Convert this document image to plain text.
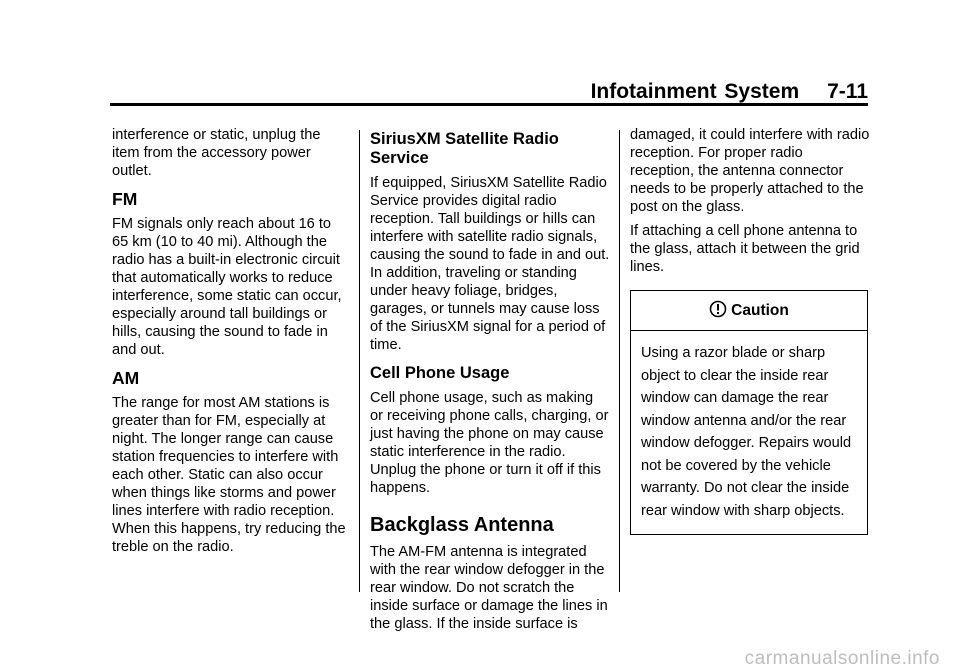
Infotainment System 7-11

interference or static, unplug the item from the accessory power outlet.

FM

FM signals only reach about 16 to 65 km (10 to 40 mi). Although the radio has a built-in electronic circuit that automatically works to reduce interference, some static can occur, especially around tall buildings or hills, causing the sound to fade in and out.

AM

The range for most AM stations is greater than for FM, especially at night. The longer range can cause station frequencies to interfere with each other. Static can also occur when things like storms and power lines interfere with radio reception. When this happens, try reducing the treble on the radio.

SiriusXM Satellite Radio Service

If equipped, SiriusXM Satellite Radio Service provides digital radio reception. Tall buildings or hills can interfere with satellite radio signals, causing the sound to fade in and out. In addition, traveling or standing under heavy foliage, bridges, garages, or tunnels may cause loss of the SiriusXM signal for a period of time.

Cell Phone Usage

Cell phone usage, such as making or receiving phone calls, charging, or just having the phone on may cause static interference in the radio. Unplug the phone or turn it off if this happens.

Backglass Antenna

The AM-FM antenna is integrated with the rear window defogger in the rear window. Do not scratch the inside surface or damage the lines in the glass. If the inside surface is

damaged, it could interfere with radio reception. For proper radio reception, the antenna connector needs to be properly attached to the post on the glass.

If attaching a cell phone antenna to the glass, attach it between the grid lines.

Caution
Using a razor blade or sharp object to clear the inside rear window can damage the rear window antenna and/or the rear window defogger. Repairs would not be covered by the vehicle warranty. Do not clear the inside rear window with sharp objects.
carmanualsonline.info
